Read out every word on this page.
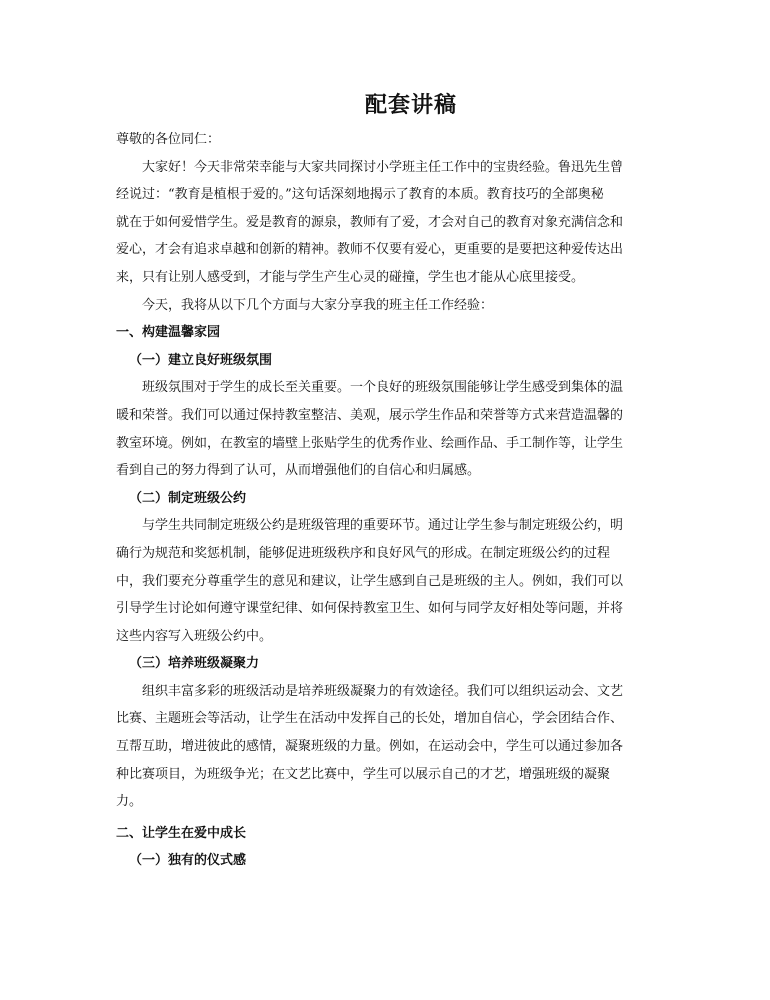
配套讲稿
尊敬的各位同仁：
大家好！今天非常荣幸能与大家共同探讨小学班主任工作中的宝贵经验。鲁迅先生曾
经说过：“教育是植根于爱的。”这句话深刻地揭示了教育的本质。教育技巧的全部奥秘
就在于如何爱惜学生。爱是教育的源泉，教师有了爱，才会对自己的教育对象充满信念和
爱心，才会有追求卓越和创新的精神。教师不仅要有爱心，更重要的是要把这种爱传达出
来，只有让别人感受到，才能与学生产生心灵的碰撞，学生也才能从心底里接受。
今天，我将从以下几个方面与大家分享我的班主任工作经验：
一、构建温馨家园
（一）建立良好班级氛围
班级氛围对于学生的成长至关重要。一个良好的班级氛围能够让学生感受到集体的温
暖和荣誉。我们可以通过保持教室整洁、美观，展示学生作品和荣誉等方式来营造温馨的
教室环境。例如，在教室的墙壁上张贴学生的优秀作业、绘画作品、手工制作等，让学生
看到自己的努力得到了认可，从而增强他们的自信心和归属感。
（二）制定班级公约
与学生共同制定班级公约是班级管理的重要环节。通过让学生参与制定班级公约，明
确行为规范和奖惩机制，能够促进班级秩序和良好风气的形成。在制定班级公约的过程
中，我们要充分尊重学生的意见和建议，让学生感到自己是班级的主人。例如，我们可以
引导学生讨论如何遵守课堂纪律、如何保持教室卫生、如何与同学友好相处等问题，并将
这些内容写入班级公约中。
（三）培养班级凝聚力
组织丰富多彩的班级活动是培养班级凝聚力的有效途径。我们可以组织运动会、文艺
比赛、主题班会等活动，让学生在活动中发挥自己的长处，增加自信心，学会团结合作、
互帮互助，增进彼此的感情，凝聚班级的力量。例如，在运动会中，学生可以通过参加各
种比赛项目，为班级争光；在文艺比赛中，学生可以展示自己的才艺，增强班级的凝聚
力。
二、让学生在爱中成长
（一）独有的仪式感
